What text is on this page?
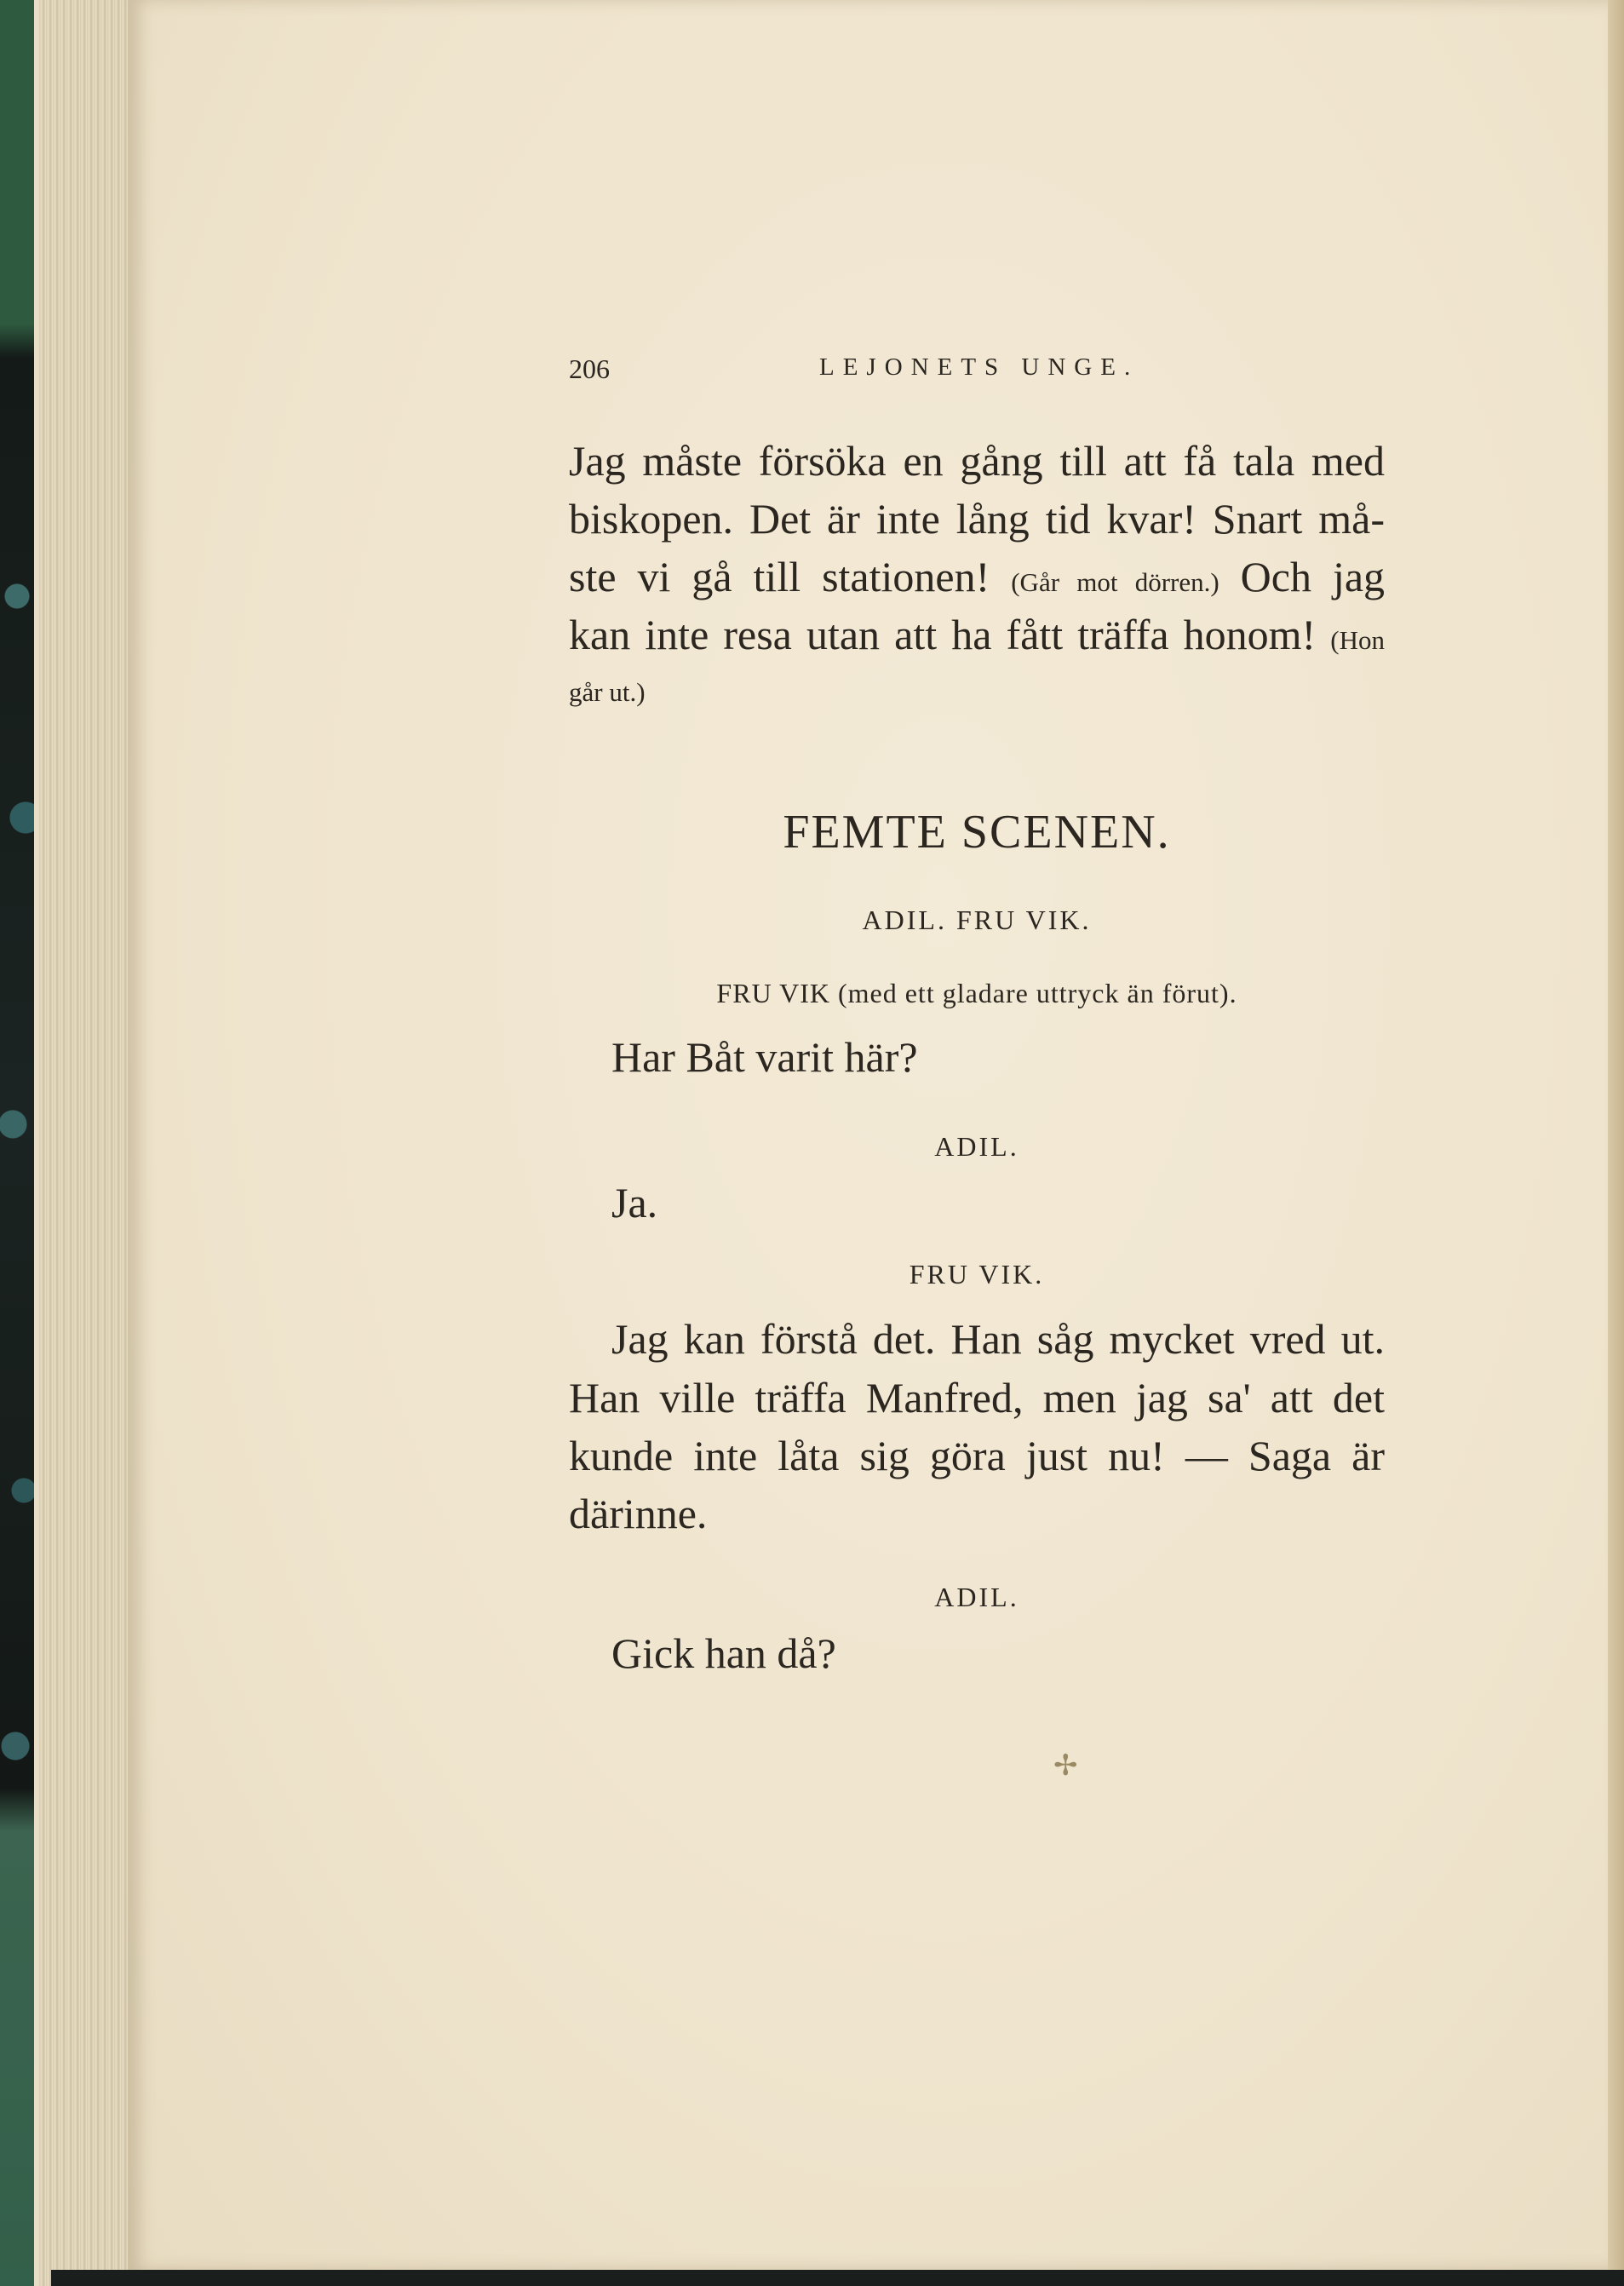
206	LEJONETS UNGE.
Jag måste försöka en gång till att få tala med
biskopen. Det är inte lång tid kvar! Snart må-
ste vi gå till stationen! (Går mot dörren.) Och jag
kan inte resa utan att ha fått träffa honom! (Hon
går ut.)
FEMTE SCENEN.
ADIL. FRU VIK.
FRU VIK (med ett gladare uttryck än förut).
Har Båt varit här?
ADIL.
Ja.
FRU VIK.
Jag kan förstå det. Han såg mycket vred ut.
Han ville träffa Manfred, men jag sa' att det
kunde inte låta sig göra just nu! — Saga är
därinne.
ADIL.
Gick han då?
✢
